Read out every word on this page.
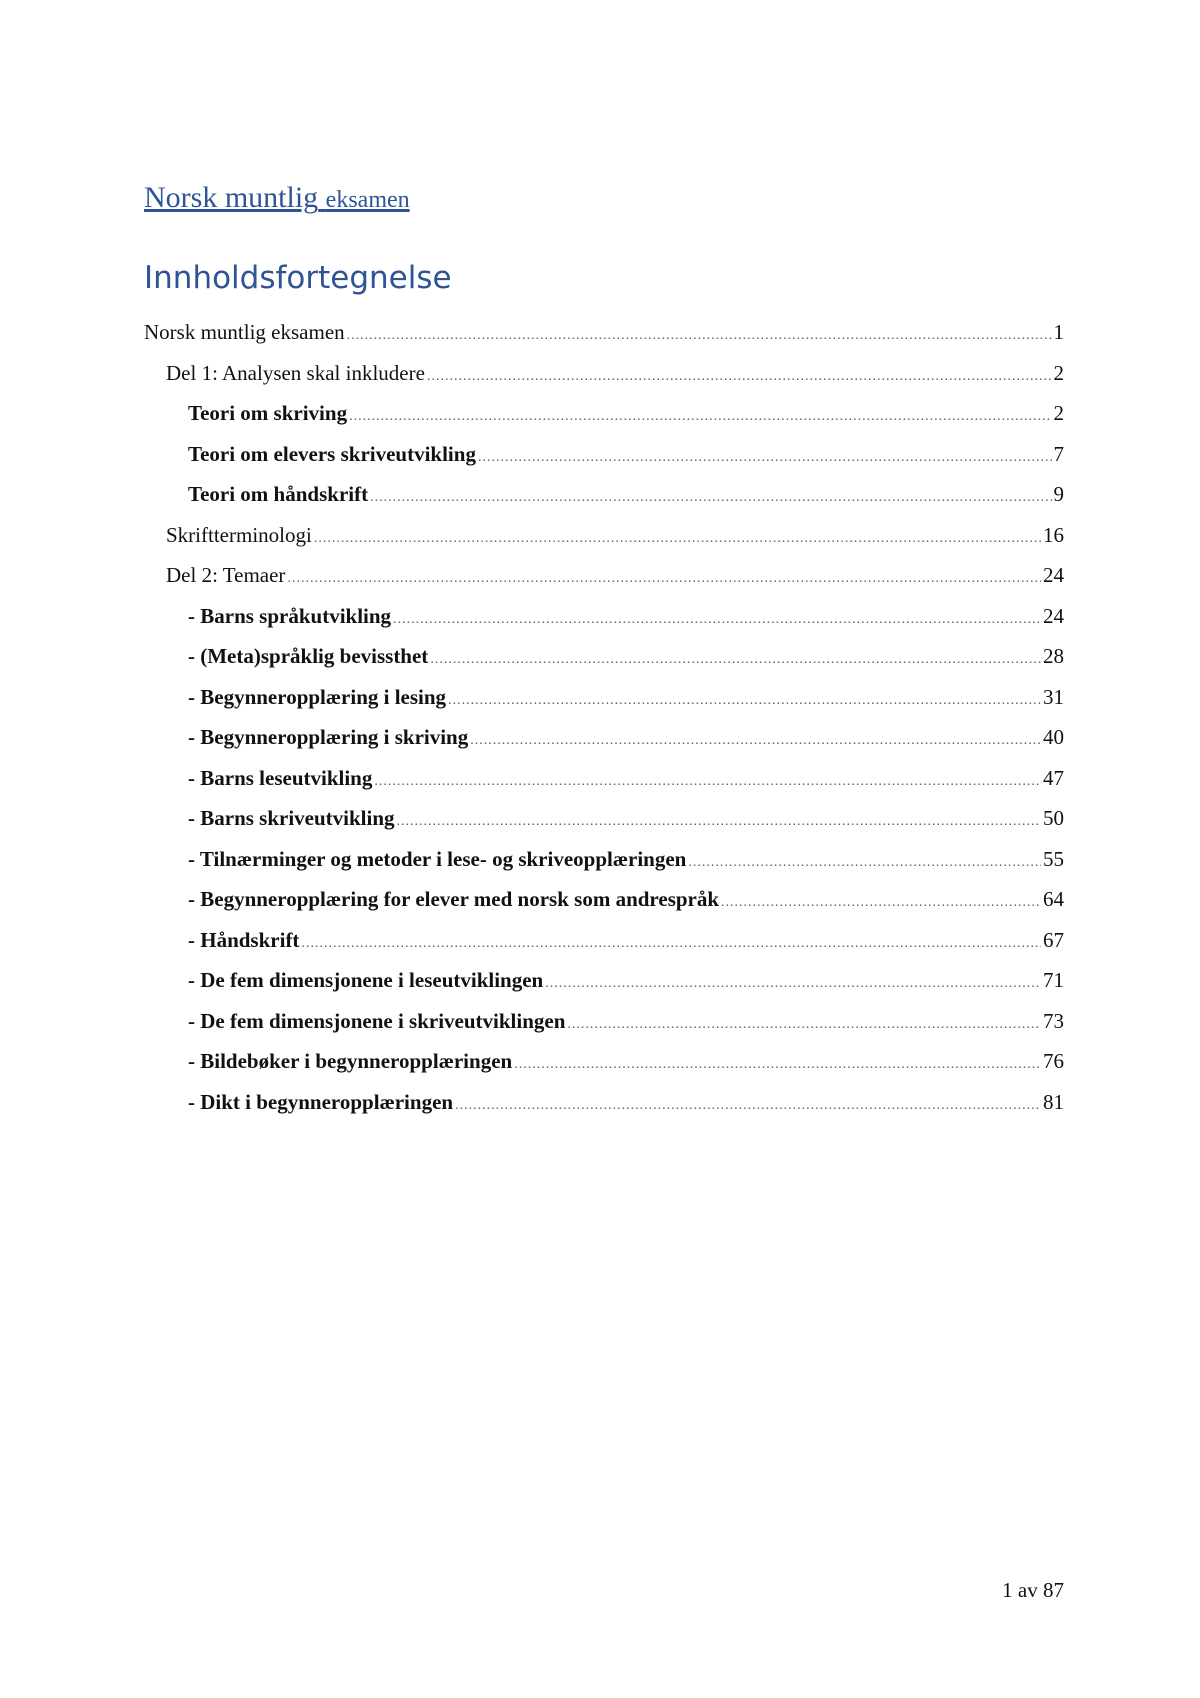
Norsk muntlig eksamen
Innholdsfortegnelse
Norsk muntlig eksamen .....	1
Del 1: Analysen skal inkludere .....	2
Teori om skriving .....	2
Teori om elevers skriveutvikling .....	7
Teori om håndskrift .....	9
Skriftterminologi .....	16
Del 2: Temaer .....	24
- Barns språkutvikling .....	24
- (Meta)språklig bevissthet .....	28
- Begynneropplæring i lesing .....	31
- Begynneropplæring i skriving .....	40
- Barns leseutvikling .....	47
- Barns skriveutvikling .....	50
- Tilnærminger og metoder i lese- og skriveopplæringen .....	55
- Begynneropplæring for elever med norsk som andrespråk .....	64
- Håndskrift .....	67
- De fem dimensjonene i leseutviklingen .....	71
- De fem dimensjonene i skriveutviklingen .....	73
- Bildebøker i begynneropplæringen .....	76
- Dikt i begynneropplæringen .....	81
1 av 87
